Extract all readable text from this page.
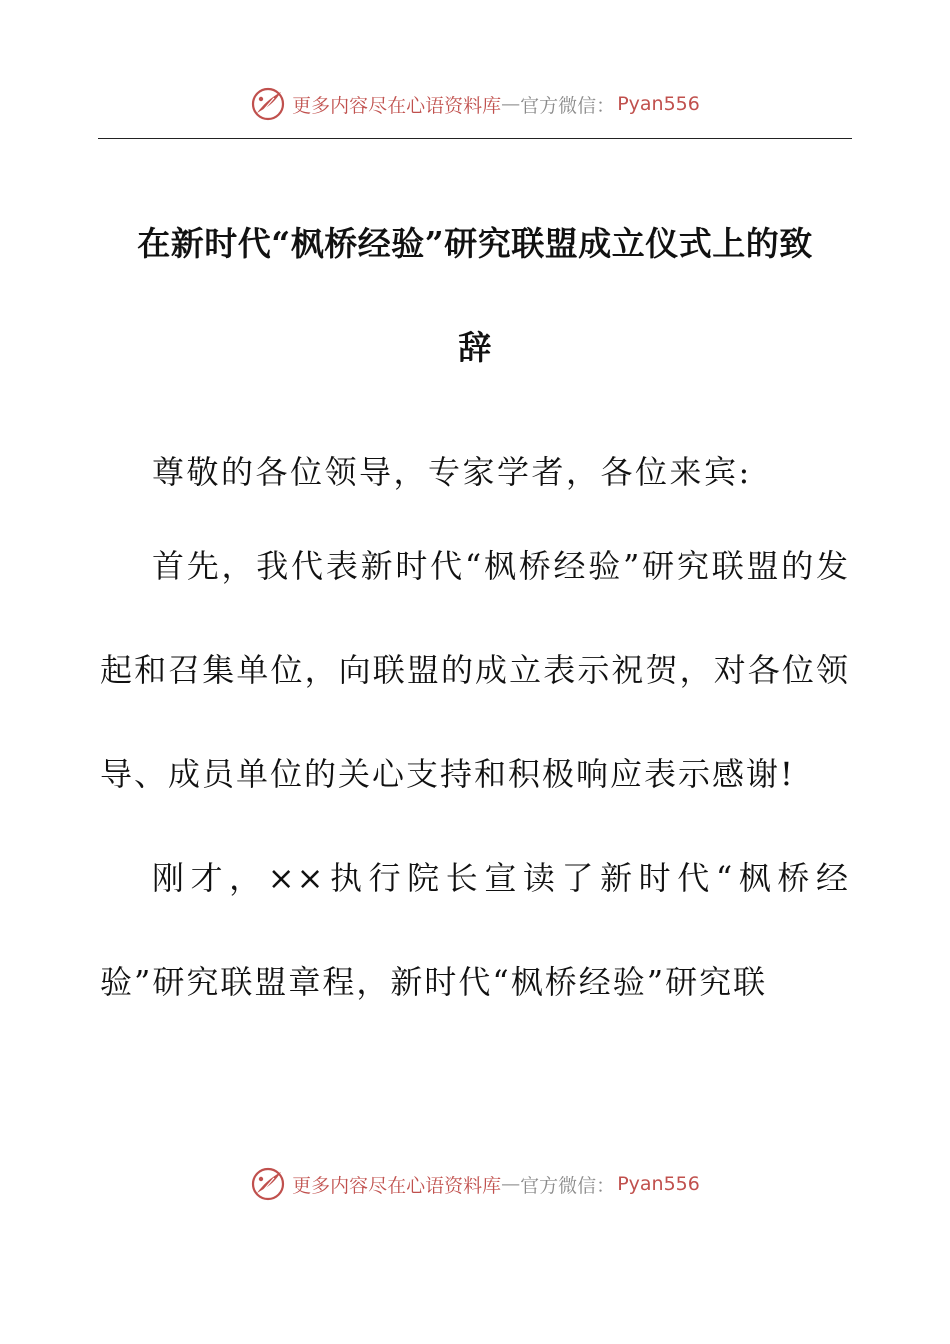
更多内容尽在心语资料库 — 官方微信： Pyan556
在新时代“枫桥经验”研究联盟成立仪式上的致
辞

尊敬的各位领导，专家学者，各位来宾:

首先，我代表新时代“枫桥经验”研究联盟的发起和召集单位，向联盟的成立表示祝贺，对各位领导、成员单位的关心支持和积极响应表示感谢!

刚才，××执行院长宣读了新时代“枫桥经验”研究联盟章程，新时代“枫桥经验”研究联

更多内容尽在心语资料库 — 官方微信： Pyan556
